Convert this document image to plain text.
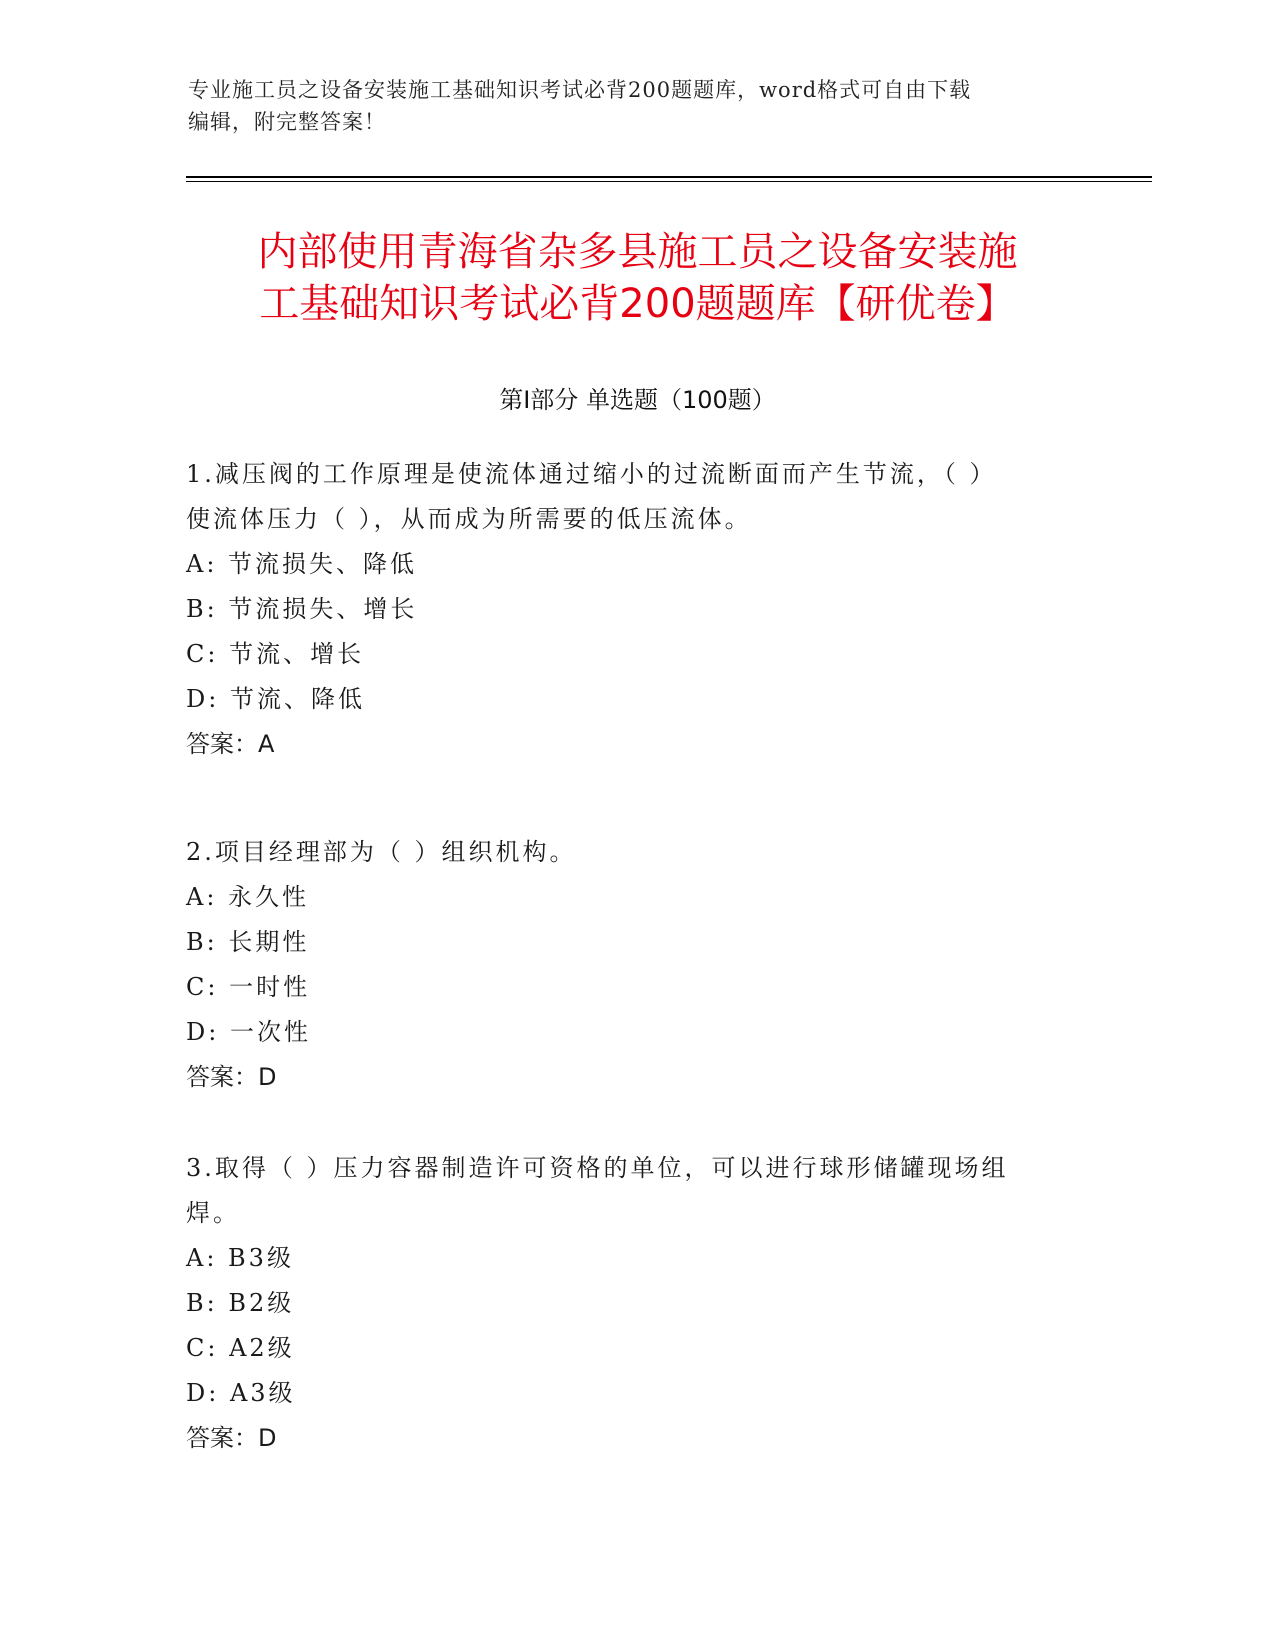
专业施工员之设备安装施工基础知识考试必背200题题库，word格式可自由下载
编辑，附完整答案！
内部使用青海省杂多县施工员之设备安装施
工基础知识考试必背200题题库【研优卷】
第Ⅰ部分 单选题（100题）

1.减压阀的工作原理是使流体通过缩小的过流断面而产生节流，（ ）

使流体压力（ ），从而成为所需要的低压流体。

A: 节流损失、降低

B: 节流损失、增长

C: 节流、增长

D: 节流、降低

答案：A

2.项目经理部为（ ）组织机构。

A: 永久性

B: 长期性

C: 一时性

D: 一次性

答案：D

3.取得（ ）压力容器制造许可资格的单位，可以进行球形储罐现场组

焊。

A: B3级

B: B2级

C: A2级

D: A3级

答案：D
